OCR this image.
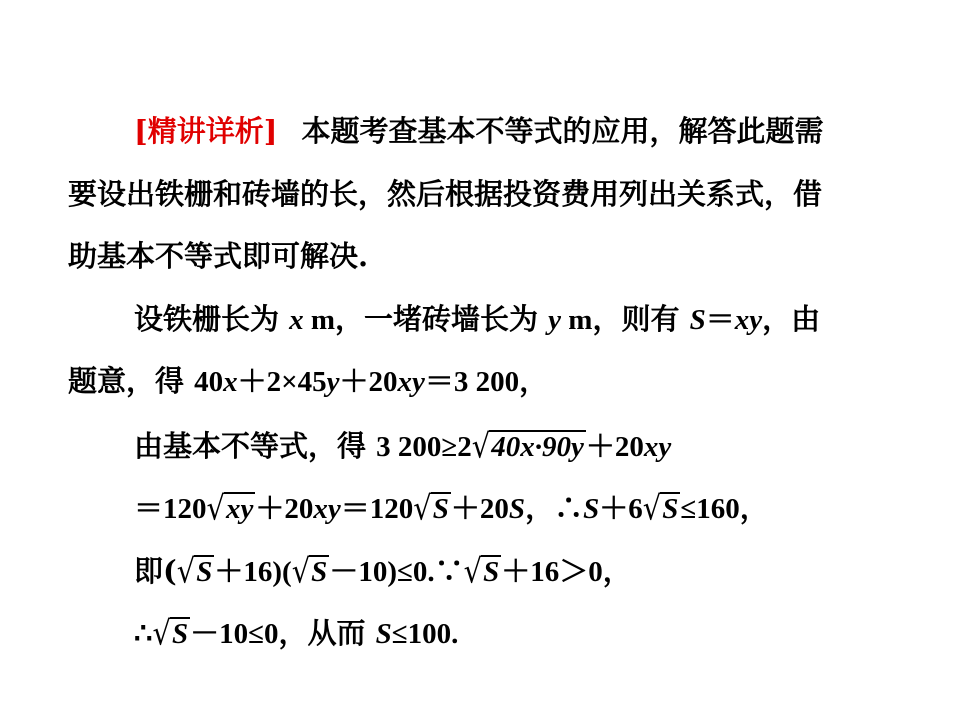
[精讲详析] 本题考查基本不等式的应用，解答此题需
要设出铁栅和砖墙的长，然后根据投资费用列出关系式，借
助基本不等式即可解决.
设铁栅长为 x m，一堵砖墙长为 y m，则有 S＝xy，由
题意，得 40x＋2×45y＋20xy＝3 200，
由基本不等式，得 3 200≥2√40x·90y＋20xy
＝120√xy＋20xy＝120√S＋20S，∴S＋6√S≤160，
即(√S＋16)(√S－10)≤0.∵√S＋16＞0，
∴√S－10≤0，从而 S≤100.
